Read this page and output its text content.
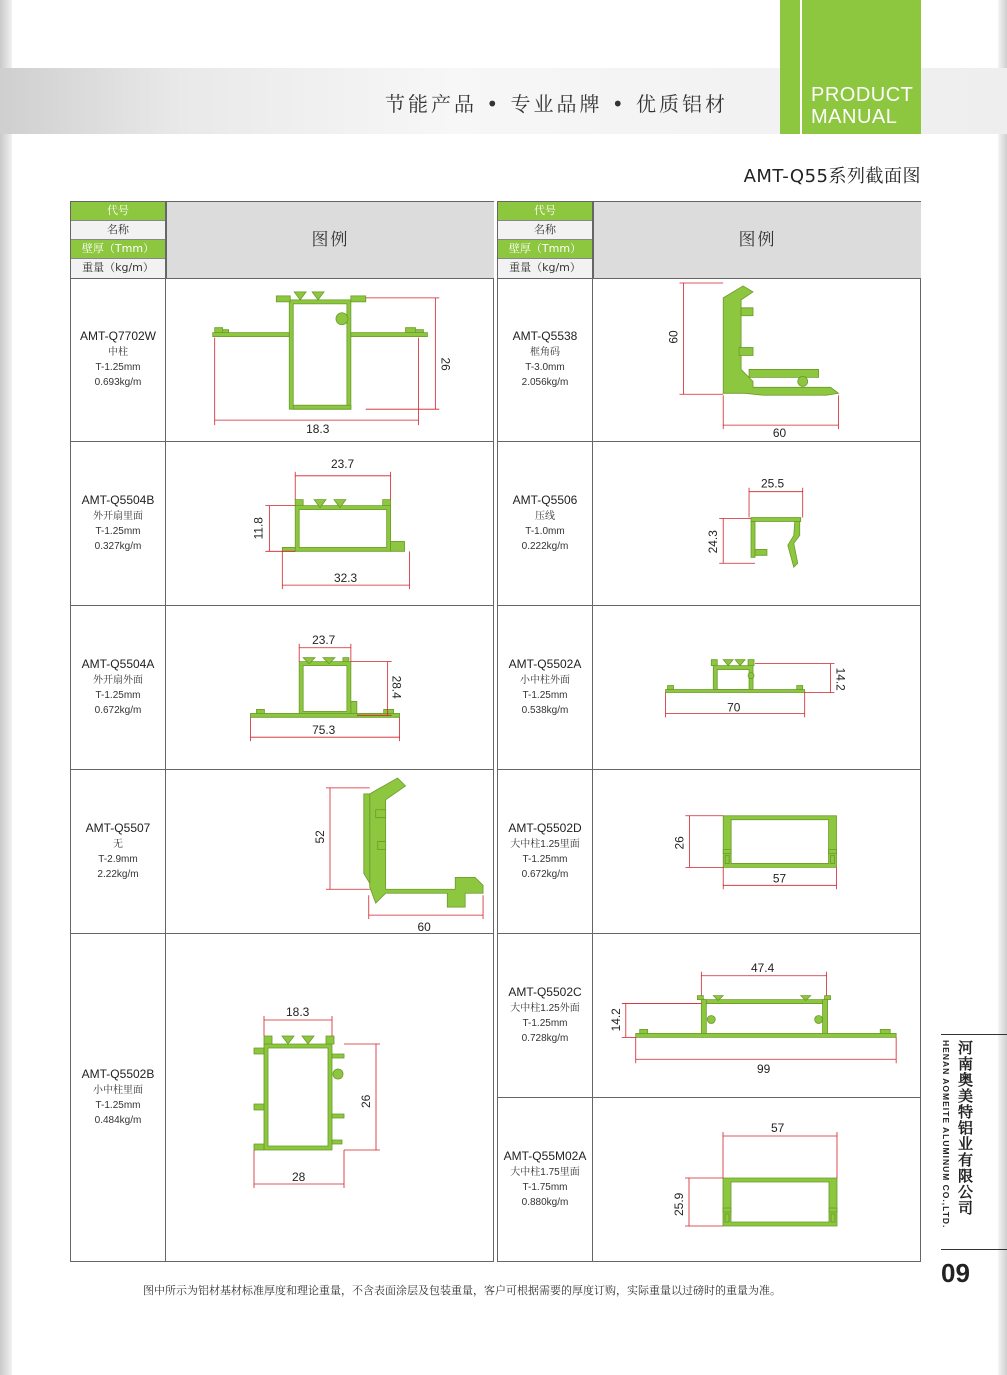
节能产品 • 专业品牌 • 优质铝材	PRODUCT
MANUAL
AMT-Q55系列截面图
代号
名称
壁厚（Tmm）
重量（kg/m）
图例
AMT-Q7702W
中柱
T-1.25mm
0.693kg/m
18.3
26
AMT-Q5504B
外开扇里面
T-1.25mm
0.327kg/m
23.7
11.8
32.3
AMT-Q5504A
外开扇外面
T-1.25mm
0.672kg/m
23.7
28.4
75.3
AMT-Q5507
无
T-2.9mm
2.22kg/m
52
60
AMT-Q5502B
小中柱里面
T-1.25mm
0.484kg/m
18.3
26
28
代号
名称
壁厚（Tmm）
重量（kg/m）
图例
AMT-Q5538
框角码
T-3.0mm
2.056kg/m
60
60
AMT-Q5506
压线
T-1.0mm
0.222kg/m
25.5
24.3
AMT-Q5502A
小中柱外面
T-1.25mm
0.538kg/m	70
14.2
AMT-Q5502D
大中柱1.25里面
T-1.25mm
0.672kg/m
26
57
AMT-Q5502C
大中柱1.25外面
T-1.25mm
0.728kg/m
47.4
14.2
99
AMT-Q55M02A
大中柱1.75里面
T-1.75mm
0.880kg/m
57
25.9
图中所示为铝材基材标准厚度和理论重量，不含表面涂层及包装重量，客户可根据需要的厚度订购，实际重量以过磅时的重量为准。
HENAN AOMEITE ALUMINUM CO.,LTD. 河南奥美特铝业有限公司
09
